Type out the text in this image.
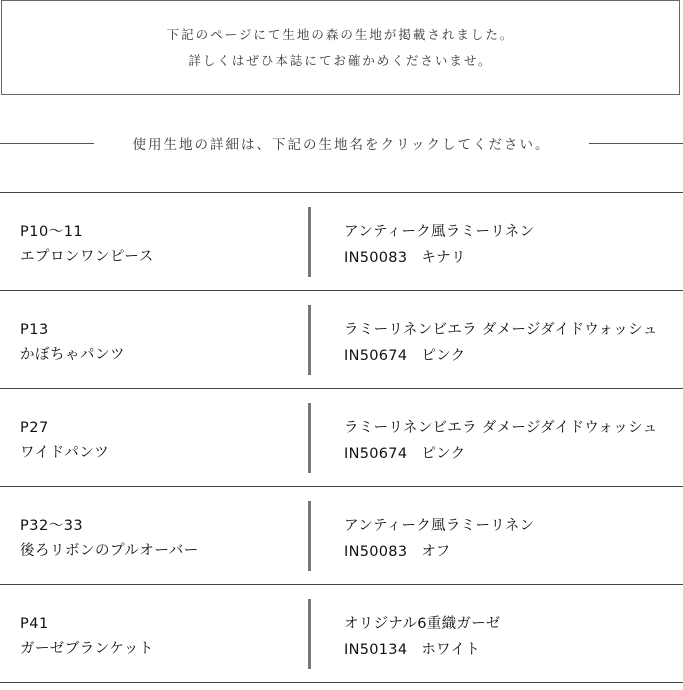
下記のページにて生地の森の生地が掲載されました。
詳しくはぜひ本誌にてお確かめくださいませ。
使用生地の詳細は、下記の生地名をクリックしてください。
P10～11
エプロンワンピース
アンティーク風ラミーリネン
IN50083 キナリ
P13
かぼちゃパンツ
ラミーリネンビエラ ダメージダイドウォッシュ
IN50674 ピンク
P27
ワイドパンツ
ラミーリネンビエラ ダメージダイドウォッシュ
IN50674 ピンク
P32～33
後ろリボンのプルオーバー
アンティーク風ラミーリネン
IN50083 オフ
P41
ガーゼブランケット
オリジナル6重織ガーゼ
IN50134 ホワイト
